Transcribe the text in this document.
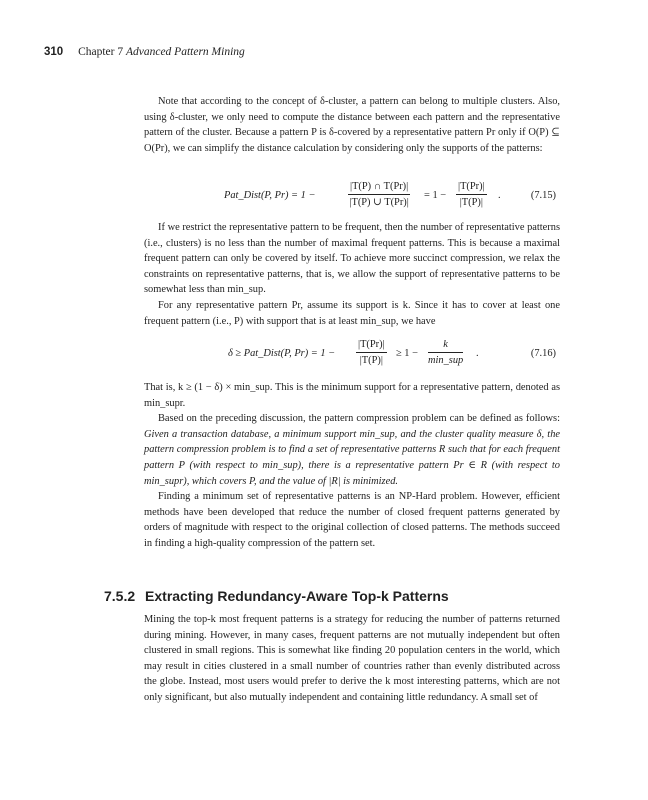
310 Chapter 7 Advanced Pattern Mining

Note that according to the concept of δ-cluster, a pattern can belong to multiple clusters. Also, using δ-cluster, we only need to compute the distance between each pattern and the representative pattern of the cluster. Because a pattern P is δ-covered by a representative pattern Pr only if O(P) ⊆ O(Pr), we can simplify the distance calculation by considering only the supports of the patterns:

Pat_Dist(P, Pr) = 1 −	$\frac{|T(P) \cap T(Pr)|}{|T(P) \cup T(Pr)|} = 1 - \frac{|T(Pr)|}{|T(P)|}$ .	(7.15)

If we restrict the representative pattern to be frequent, then the number of representative patterns (i.e., clusters) is no less than the number of maximal frequent patterns. This is because a maximal frequent pattern can only be covered by itself. To achieve more succinct compression, we relax the constraints on representative patterns, that is, we allow the support of representative patterns to be somewhat less than min_sup.

For any representative pattern Pr, assume its support is k. Since it has to cover at least one frequent pattern (i.e., P) with support that is at least min_sup, we have

δ ≥ Pat_Dist(P, $Pr) = 1 - \frac{|T(Pr)|}{|T(P)|} \ge 1$ −
k
min_sup
.	(7.16)

That is, k ≥ (1 − δ) × min_sup. This is the minimum support for a representative pattern, denoted as min_supr.

Based on the preceding discussion, the pattern compression problem can be defined as follows: Given a transaction database, a minimum support min_sup, and the cluster quality measure δ, the pattern compression problem is to find a set of representative patterns R such that for each frequent pattern P (with respect to min_sup), there is a representative pattern Pr ∈ R (with respect to min_supr), which covers P, and the value of |R| is minimized.

Finding a minimum set of representative patterns is an NP-Hard problem. However, efficient methods have been developed that reduce the number of closed frequent patterns generated by orders of magnitude with respect to the original collection of closed patterns. The methods succeed in finding a high-quality compression of the pattern set.

7.5.2 Extracting Redundancy-Aware Top-k Patterns

Mining the top-k most frequent patterns is a strategy for reducing the number of patterns returned during mining. However, in many cases, frequent patterns are not mutually independent but often clustered in small regions. This is somewhat like finding 20 population centers in the world, which may result in cities clustered in a small number of countries rather than evenly distributed across the globe. Instead, most users would prefer to derive the k most interesting patterns, which are not only significant, but also mutually independent and containing little redundancy. A small set of
